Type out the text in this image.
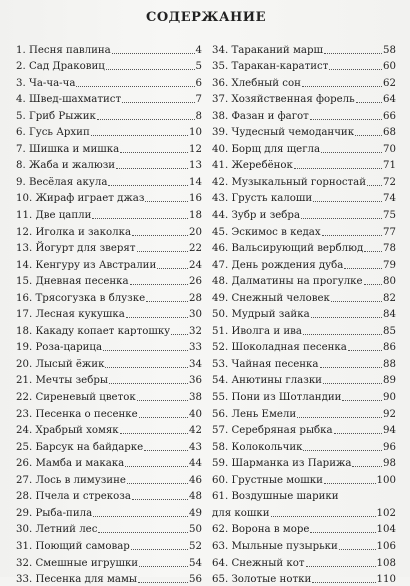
СОДЕРЖАНИЕ
1. Песня павлина	4
2. Сад Драковиц	5
3. Ча-ча-ча	6
4. Швед-шахматист	7
5. Гриб Рыжик	8
6. Гусь Архип	10
7. Шишка и мишка	12
8. Жаба и жалюзи	13
9. Весёлая акула	14
10. Жираф играет джаз	16
11. Две цапли	18
12. Иголка и заколка	20
13. Йогурт для зверят	22
14. Кенгуру из Австралии	24
15. Дневная песенка	26
16. Трясогузка в блузке	28
17. Лесная кукушка	30
18. Какаду копает картошку 32
19. Роза-царица	33
20. Лысый ёжик	34
21. Мечты зебры	36
22. Сиреневый цветок	38
23. Песенка о песенке	40
24. Храбрый хомяк	42
25. Барсук на байдарке	43
26. Мамба и макака	44
27. Лось в лимузине	46
28. Пчела и стрекоза	48
29. Рыба-пила	49
30. Летний лес	50
31. Поющий самовар	52
32. Смешные игрушки	54
33. Песенка для мамы	56
34. Тараканий марш	58
35. Таракан-каратист	60
36. Хлебный сон	62
37. Хозяйственная форель	64
38. Фазан и фагот	66
39. Чудесный чемоданчик	68
40. Борщ для щегла	70
41. Жеребёнок	71
42. Музыкальный горностай 72
43. Грусть калоши	74
44. Зубр и зебра	75
45. Эскимос в кедах	77
46. Вальсирующий верблюд 78
47. День рождения дуба	79
48. Далматины на прогулке 80
49. Снежный человек	82
50. Мудрый зайка	84
51. Иволга и ива	85
52. Шоколадная песенка	86
53. Чайная песенка	88
54. Анютины глазки	89
55. Пони из Шотландии	90
56. Лень Емели	92
57. Серебряная рыбка	94
58. Колокольчик	96
59. Шарманка из Парижа	98
60. Грустные мошки	100
61. Воздушные шарики
для кошки	102
62. Ворона в море	104
63. Мыльные пузырьки	106
64. Снежный кот	108
65. Золотые нотки	110
